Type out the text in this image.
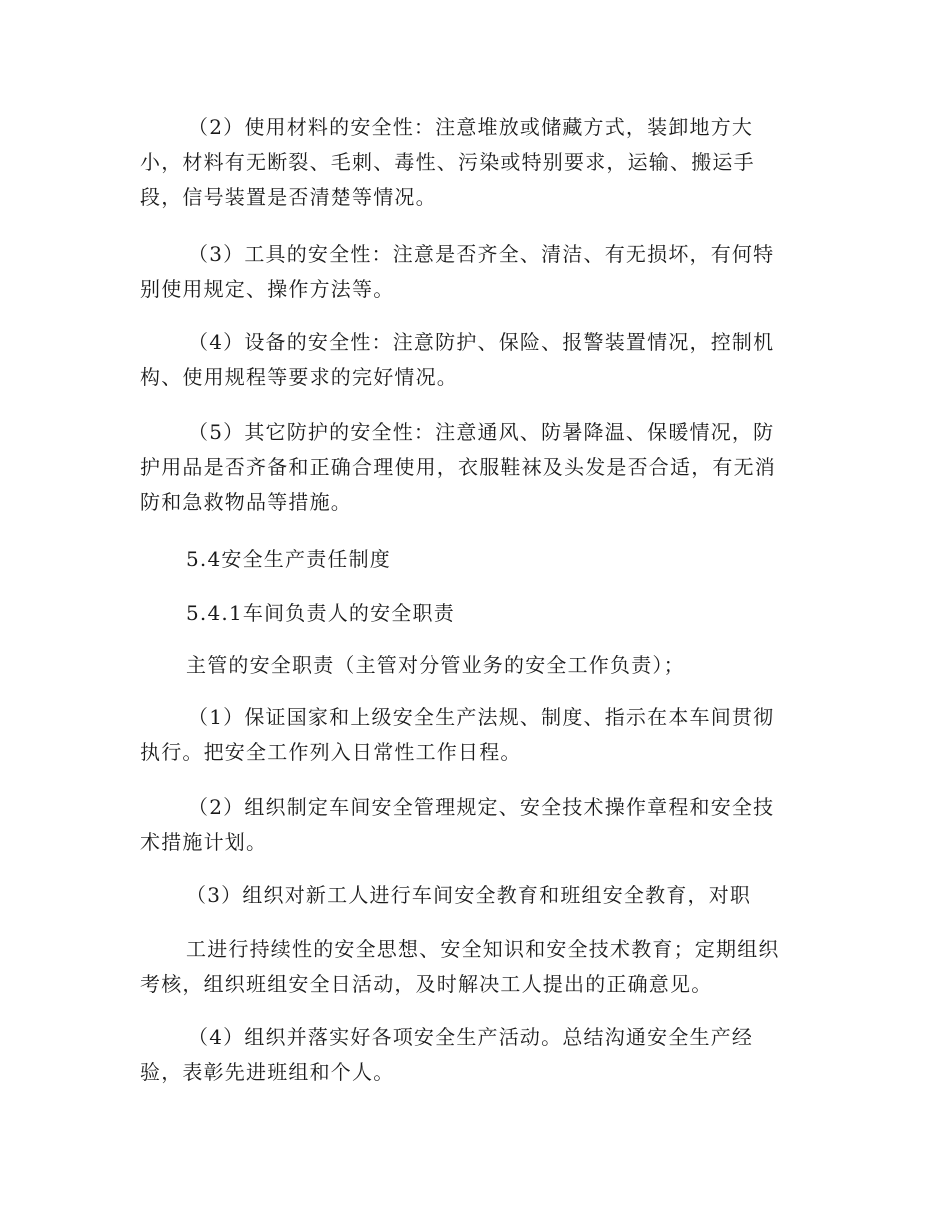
（2）使用材料的安全性：注意堆放或储藏方式，装卸地方大
小，材料有无断裂、毛刺、毒性、污染或特别要求，运输、搬运手
段，信号装置是否清楚等情况。
（3）工具的安全性：注意是否齐全、清洁、有无损坏，有何特
别使用规定、操作方法等。
（4）设备的安全性：注意防护、保险、报警装置情况，控制机
构、使用规程等要求的完好情况。
（5）其它防护的安全性：注意通风、防暑降温、保暖情况，防
护用品是否齐备和正确合理使用，衣服鞋袜及头发是否合适，有无消
防和急救物品等措施。
5.4安全生产责任制度
5.4.1车间负责人的安全职责
主管的安全职责（主管对分管业务的安全工作负责）；
（1）保证国家和上级安全生产法规、制度、指示在本车间贯彻
执行。把安全工作列入日常性工作日程。
（2）组织制定车间安全管理规定、安全技术操作章程和安全技
术措施计划。
（3）组织对新工人进行车间安全教育和班组安全教育，对职
工进行持续性的安全思想、安全知识和安全技术教育；定期组织
考核，组织班组安全日活动，及时解决工人提出的正确意见。
（4）组织并落实好各项安全生产活动。总结沟通安全生产经
验，表彰先进班组和个人。
